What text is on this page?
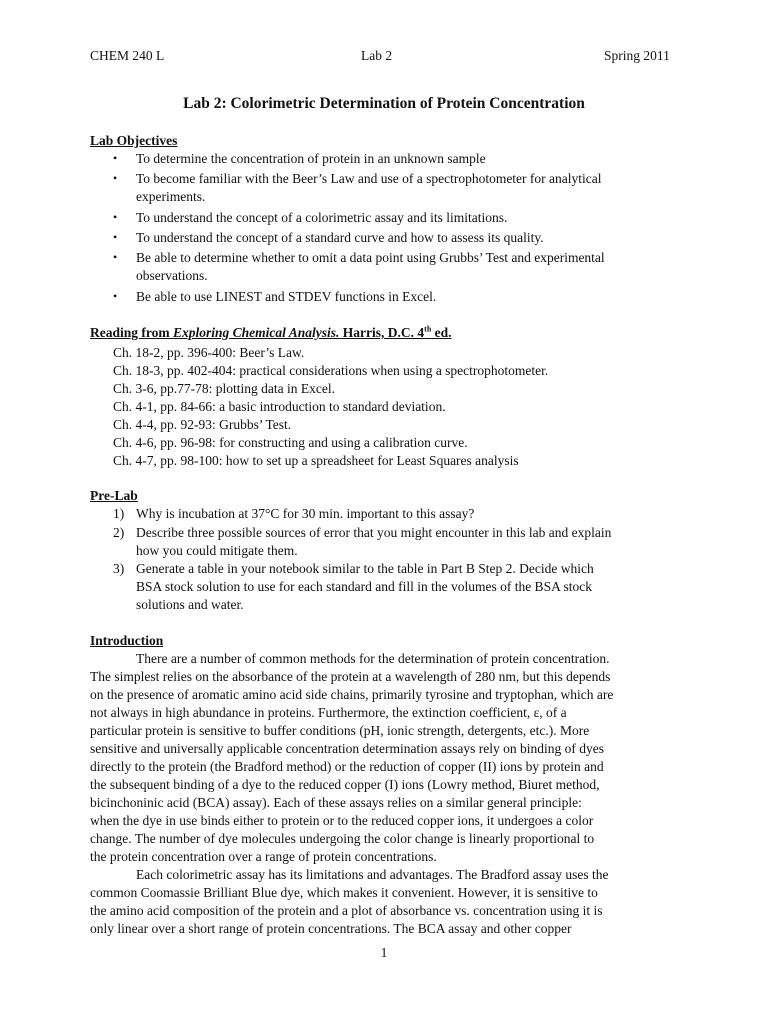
CHEM 240 L	Lab 2	Spring 2011
Lab 2: Colorimetric Determination of Protein Concentration
Lab Objectives
• To determine the concentration of protein in an unknown sample
• To become familiar with the Beer’s Law and use of a spectrophotometer for analytical
experiments.
• To understand the concept of a colorimetric assay and its limitations.
• To understand the concept of a standard curve and how to assess its quality.
• Be able to determine whether to omit a data point using Grubbs’ Test and experimental
observations.
• Be able to use LINEST and STDEV functions in Excel.
Reading from Exploring Chemical Analysis. Harris, D.C. 4th ed.
Ch. 18-2, pp. 396-400: Beer’s Law.
Ch. 18-3, pp. 402-404: practical considerations when using a spectrophotometer.
Ch. 3-6, pp.77-78: plotting data in Excel.
Ch. 4-1, pp. 84-66: a basic introduction to standard deviation.
Ch. 4-4, pp. 92-93: Grubbs’ Test.
Ch. 4-6, pp. 96-98: for constructing and using a calibration curve.
Ch. 4-7, pp. 98-100: how to set up a spreadsheet for Least Squares analysis
Pre-Lab
1) Why is incubation at 37°C for 30 min. important to this assay?
2) Describe three possible sources of error that you might encounter in this lab and explain
how you could mitigate them.
3) Generate a table in your notebook similar to the table in Part B Step 2. Decide which
BSA stock solution to use for each standard and fill in the volumes of the BSA stock
solutions and water.
Introduction
There are a number of common methods for the determination of protein concentration.
The simplest relies on the absorbance of the protein at a wavelength of 280 nm, but this depends
on the presence of aromatic amino acid side chains, primarily tyrosine and tryptophan, which are
not always in high abundance in proteins. Furthermore, the extinction coefficient, ε, of a
particular protein is sensitive to buffer conditions (pH, ionic strength, detergents, etc.). More
sensitive and universally applicable concentration determination assays rely on binding of dyes
directly to the protein (the Bradford method) or the reduction of copper (II) ions by protein and
the subsequent binding of a dye to the reduced copper (I) ions (Lowry method, Biuret method,
bicinchoninic acid (BCA) assay). Each of these assays relies on a similar general principle:
when the dye in use binds either to protein or to the reduced copper ions, it undergoes a color
change. The number of dye molecules undergoing the color change is linearly proportional to
the protein concentration over a range of protein concentrations.
Each colorimetric assay has its limitations and advantages. The Bradford assay uses the
common Coomassie Brilliant Blue dye, which makes it convenient. However, it is sensitive to
the amino acid composition of the protein and a plot of absorbance vs. concentration using it is
only linear over a short range of protein concentrations. The BCA assay and other copper
1
